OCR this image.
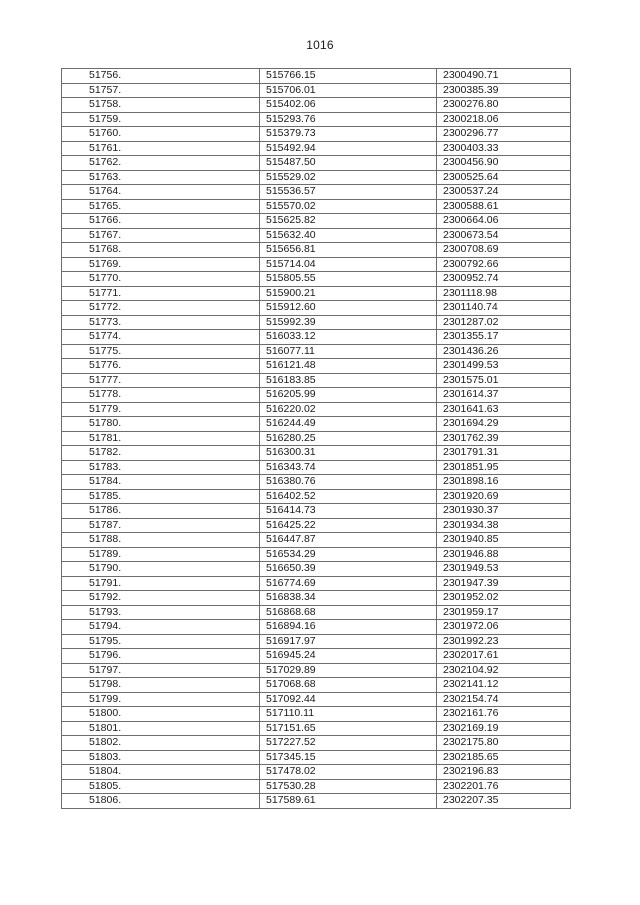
1016
51756.	515766.15	2300490.71
51757.	515706.01	2300385.39
51758.	515402.06	2300276.80
51759.	515293.76	2300218.06
51760.	515379.73	2300296.77
51761.	515492.94	2300403.33
51762.	515487.50	2300456.90
51763.	515529.02	2300525.64
51764.	515536.57	2300537.24
51765.	515570.02	2300588.61
51766.	515625.82	2300664.06
51767.	515632.40	2300673.54
51768.	515656.81	2300708.69
51769.	515714.04	2300792.66
51770.	515805.55	2300952.74
51771.	515900.21	2301118.98
51772.	515912.60	2301140.74
51773.	515992.39	2301287.02
51774.	516033.12	2301355.17
51775.	516077.11	2301436.26
51776.	516121.48	2301499.53
51777.	516183.85	2301575.01
51778.	516205.99	2301614.37
51779.	516220.02	2301641.63
51780.	516244.49	2301694.29
51781.	516280.25	2301762.39
51782.	516300.31	2301791.31
51783.	516343.74	2301851.95
51784.	516380.76	2301898.16
51785.	516402.52	2301920.69
51786.	516414.73	2301930.37
51787.	516425.22	2301934.38
51788.	516447.87	2301940.85
51789.	516534.29	2301946.88
51790.	516650.39	2301949.53
51791.	516774.69	2301947.39
51792.	516838.34	2301952.02
51793.	516868.68	2301959.17
51794.	516894.16	2301972.06
51795.	516917.97	2301992.23
51796.	516945.24	2302017.61
51797.	517029.89	2302104.92
51798.	517068.68	2302141.12
51799.	517092.44	2302154.74
51800.	517110.11	2302161.76
51801.	517151.65	2302169.19
51802.	517227.52	2302175.80
51803.	517345.15	2302185.65
51804.	517478.02	2302196.83
51805.	517530.28	2302201.76
51806.	517589.61	2302207.35
